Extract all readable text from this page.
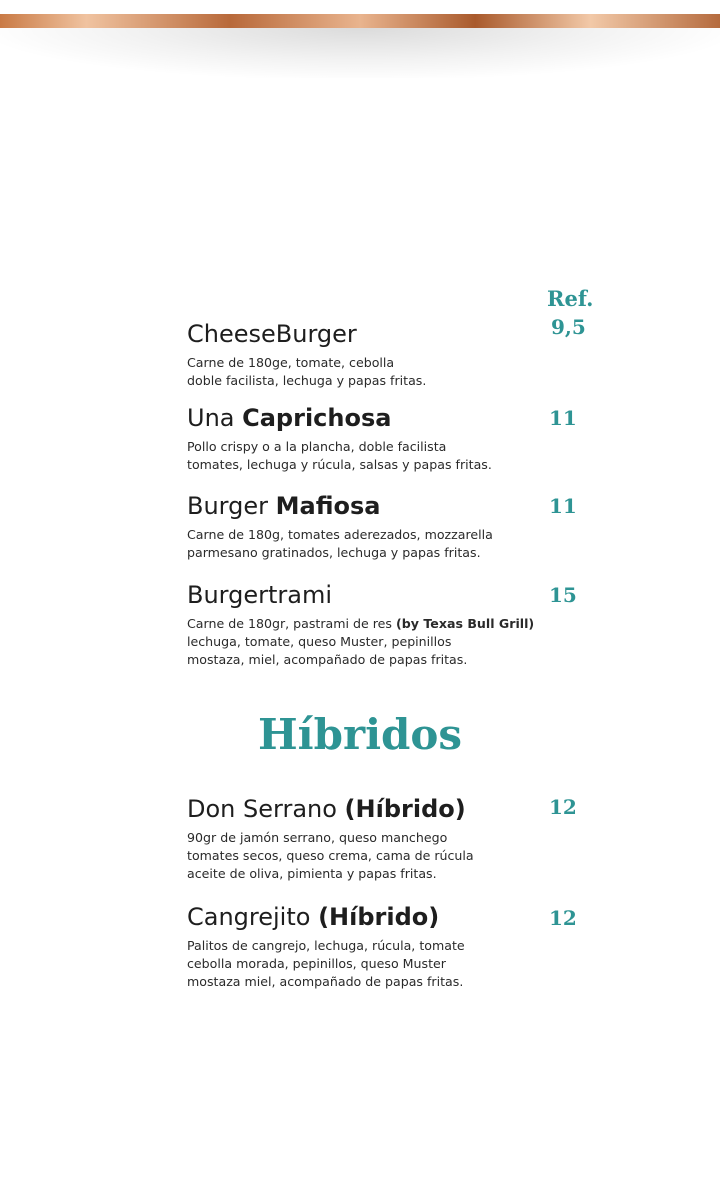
Ref.

CheeseBurger

Carne de 180ge, tomate, cebolla
doble facilista, lechuga y papas fritas.

9,5

Una Caprichosa

Pollo crispy o a la plancha, doble facilista
tomates, lechuga y rúcula, salsas y papas fritas.

11

Burger Mafiosa

Carne de 180g, tomates aderezados, mozzarella
parmesano gratinados, lechuga y papas fritas.

11

Burgertrami

Carne de 180gr, pastrami de res (by Texas Bull Grill)
lechuga, tomate, queso Muster, pepinillos
mostaza, miel, acompañado de papas fritas.

15

Híbridos

Don Serrano (Híbrido)

90gr de jamón serrano, queso manchego
tomates secos, queso crema, cama de rúcula
aceite de oliva, pimienta y papas fritas.

12

Cangrejito (Híbrido)

Palitos de cangrejo, lechuga, rúcula, tomate
cebolla morada, pepinillos, queso Muster
mostaza miel, acompañado de papas fritas.

12
